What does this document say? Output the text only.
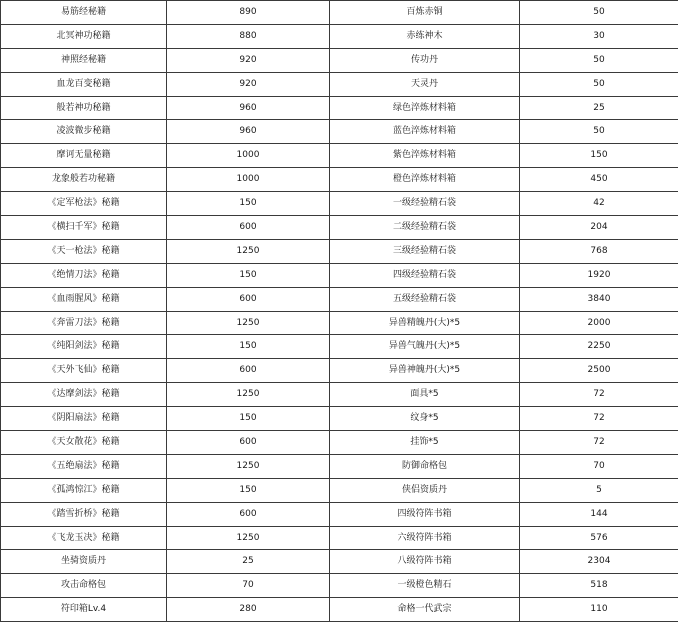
易筋经秘籍	890	百炼赤铜	50
北冥神功秘籍	880	赤练神木	30
神照经秘籍	920	传功丹	50
血龙百变秘籍	920	天灵丹	50
般若神功秘籍	960	绿色淬炼材料箱	25
凌波微步秘籍	960	蓝色淬炼材料箱	50
摩诃无量秘籍	1000	紫色淬炼材料箱	150
龙象般若功秘籍	1000	橙色淬炼材料箱	450
《定军枪法》秘籍	150	一级经验精石袋	42
《横扫千军》秘籍	600	二级经验精石袋	204
《天一枪法》秘籍	1250	三级经验精石袋	768
《绝情刀法》秘籍	150	四级经验精石袋	1920
《血雨腥风》秘籍	600	五级经验精石袋	3840
《奔雷刀法》秘籍	1250	异兽精魄丹(大)*5	2000
《纯阳剑法》秘籍	150	异兽气魄丹(大)*5	2250
《天外飞仙》秘籍	600	异兽神魄丹(大)*5	2500
《达摩剑法》秘籍	1250	面具*5	72
《阴阳扇法》秘籍	150	纹身*5	72
《天女散花》秘籍	600	挂饰*5	72
《五绝扇法》秘籍	1250	防御命格包	70
《孤鸿惊江》秘籍	150	侠侣资质丹	5
《踏雪折桥》秘籍	600	四级符阵书箱	144
《飞龙玉决》秘籍	1250	六级符阵书箱	576
坐骑资质丹	25	八级符阵书箱	2304
攻击命格包	70	一级橙色精石	518
符印箱Lv.4	280	命格一代武宗	110
